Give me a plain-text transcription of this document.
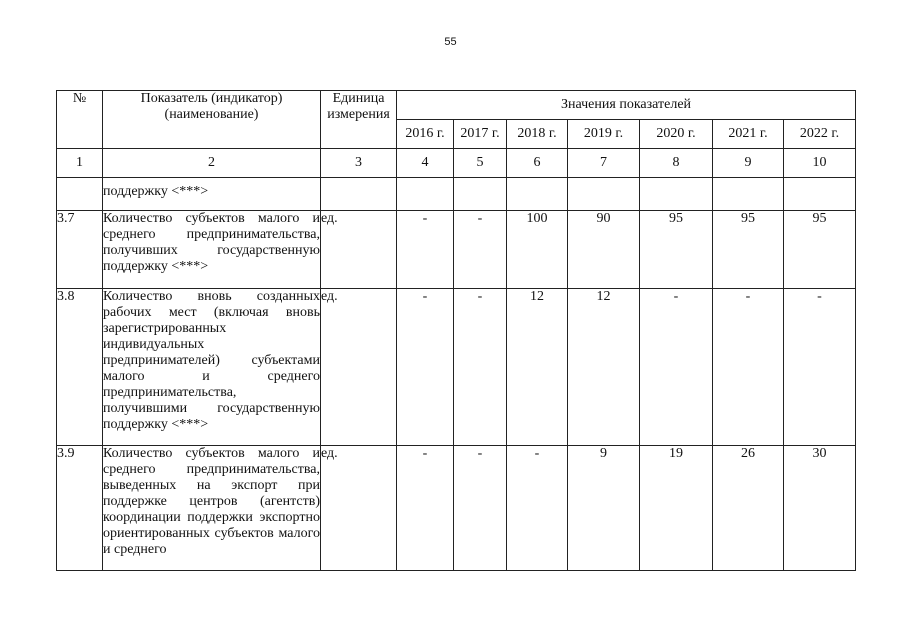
55
№	Показатель (индикатор) (наименование)	Единица измерения	Значения показателей						
			2016 г.	2017 г.	2018 г.	2019 г.	2020 г.	2021 г.	2022 г.
1	2	3	4	5	6	7	8	9	10
	поддержку <***>								
3.7	Количество субъектов малого и среднего предпринимательства, получивших государственную поддержку <***>	ед.	-	-	100	90	95	95	95
3.8	Количество вновь созданных рабочих мест (включая вновь зарегистрированных индивидуальных предпринимателей) субъектами малого и среднего предпринимательства, получившими государственную поддержку <***>	ед.	-	-	12	12	-	-	-
3.9	Количество субъектов малого и среднего предпринимательства, выведенных на экспорт при поддержке центров (агентств) координации поддержки экспортно ориентированных субъектов малого и среднего	ед.	-	-	-	9	19	26	30
